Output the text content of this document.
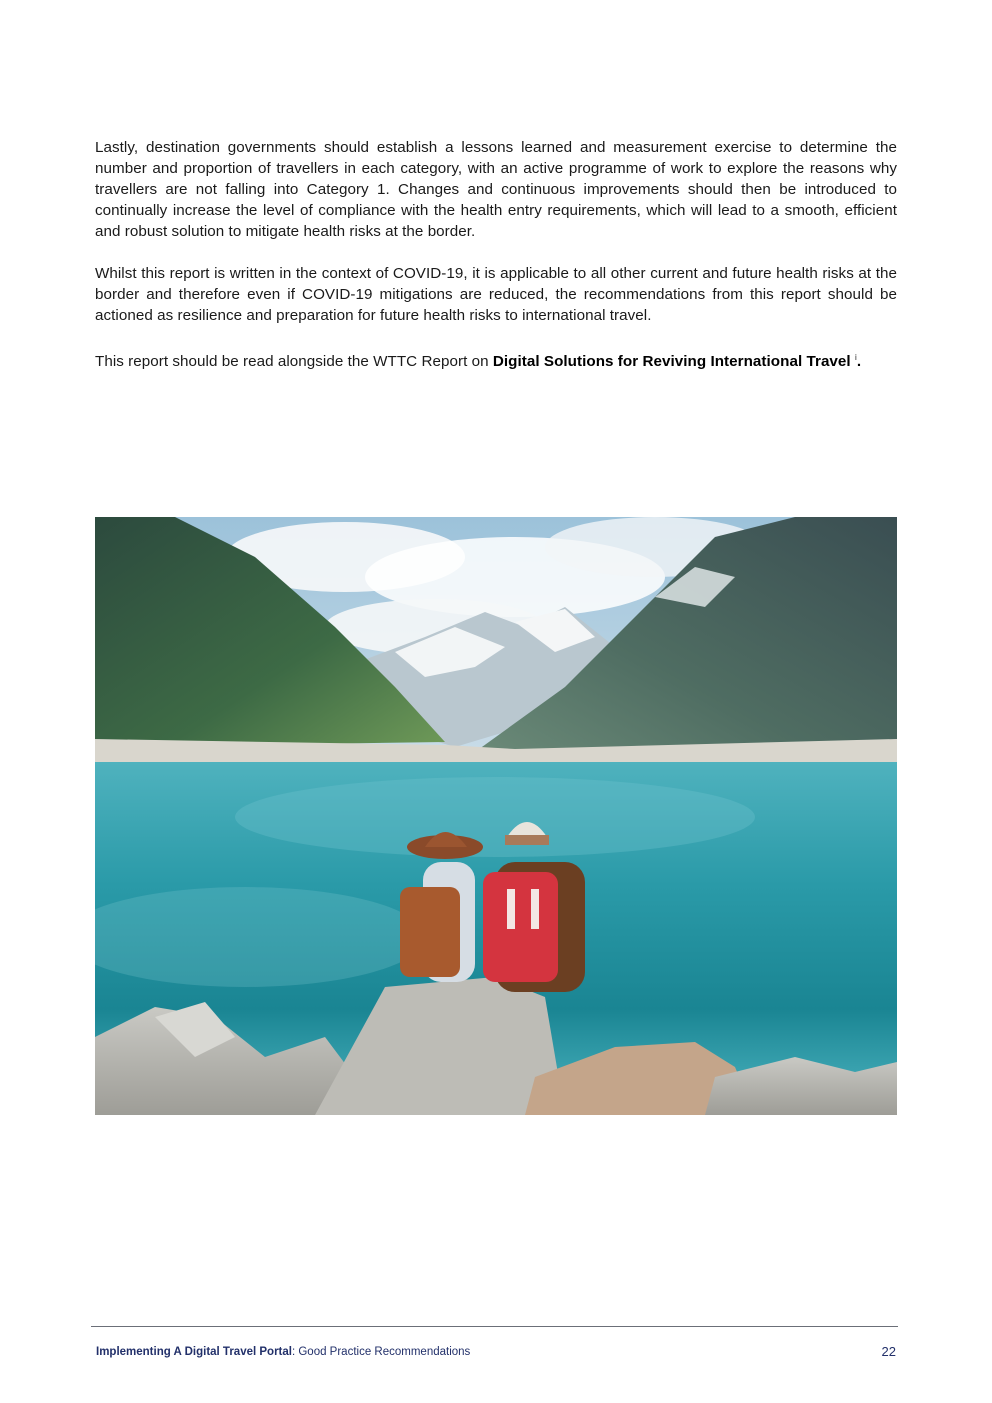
Lastly, destination governments should establish a lessons learned and measurement exercise to determine the number and proportion of travellers in each category, with an active programme of work to explore the reasons why travellers are not falling into Category 1. Changes and continuous improvements should then be introduced to continually increase the level of compliance with the health entry requirements, which will lead to a smooth, efficient and robust solution to mitigate health risks at the border.

Whilst this report is written in the context of COVID-19, it is applicable to all other current and future health risks at the border and therefore even if COVID-19 mitigations are reduced, the recommendations from this report should be actioned as resilience and preparation for future health risks to international travel.

This report should be read alongside the WTTC Report on Digital Solutions for Reviving International Travel $^i$.

Implementing A Digital Travel Portal: Good Practice Recommendations	22
